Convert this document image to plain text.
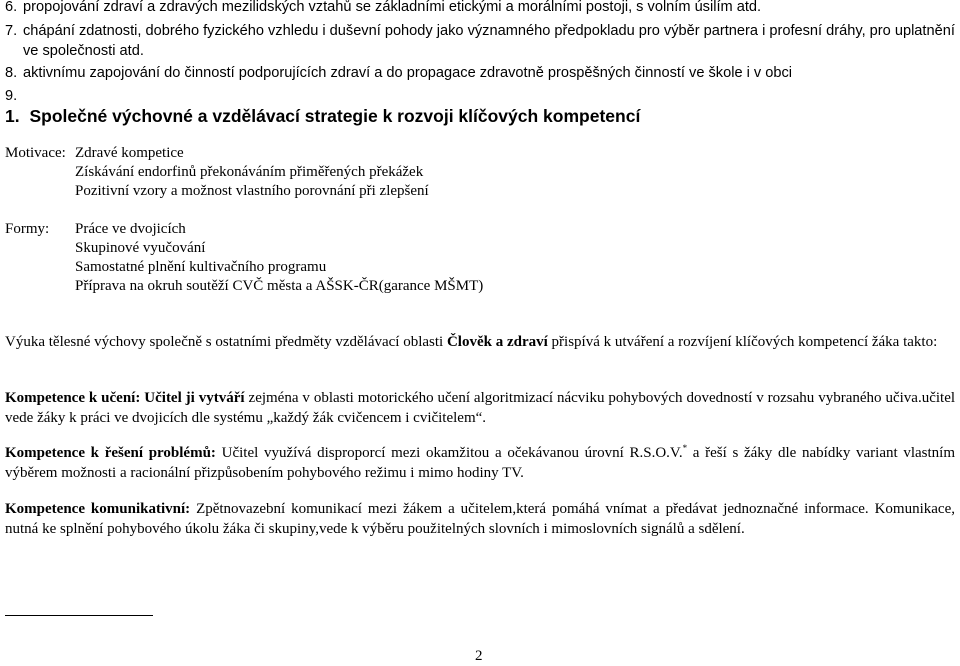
6. propojování zdraví a zdravých mezilidských vztahů se základními etickými a morálními postoji, s volním úsilím atd.
7. chápání zdatnosti, dobrého fyzického vzhledu i duševní pohody jako významného předpokladu pro výběr partnera i profesní dráhy, pro uplatnění ve společnosti atd.
8. aktivnímu zapojování do činností podporujících zdraví a do propagace zdravotně prospěšných činností ve škole i v obci
9.
1. Společné výchovné a vzdělávací strategie k rozvoji klíčových kompetencí
Motivace: Zdravé kompetice
Získávání endorfinů překonáváním přiměřených překážek
Pozitivní vzory a možnost vlastního porovnání při zlepšení
Formy: Práce ve dvojicích
Skupinové vyučování
Samostatné plnění kultivačního programu
Příprava na okruh soutěží CVČ města a AŠSK-ČR(garance MŠMT)
Výuka tělesné výchovy společně s ostatními předměty vzdělávací oblasti Člověk a zdraví přispívá k utváření a rozvíjení klíčových kompetencí žáka takto:
Kompetence k učení: Učitel ji vytváří zejména v oblasti motorického učení algoritmizací nácviku pohybových dovedností v rozsahu vybraného učiva.učitel vede žáky k práci ve dvojicích dle systému „každý žák cvičencem i cvičitelem“.
Kompetence k řešení problémů: Učitel využívá disproporcí mezi okamžitou a očekávanou úrovní R.S.O.V.* a řeší s žáky dle nabídky variant vlastním výběrem možnosti a racionální přizpůsobením pohybového režimu i mimo hodiny TV.
Kompetence komunikativní: Zpětnovazební komunikací mezi žákem a učitelem,která pomáhá vnímat a předávat jednoznačné informace. Komunikace, nutná ke splnění pohybového úkolu žáka či skupiny,vede k výběru použitelných slovních i mimoslovních signálů a sdělení.
2
